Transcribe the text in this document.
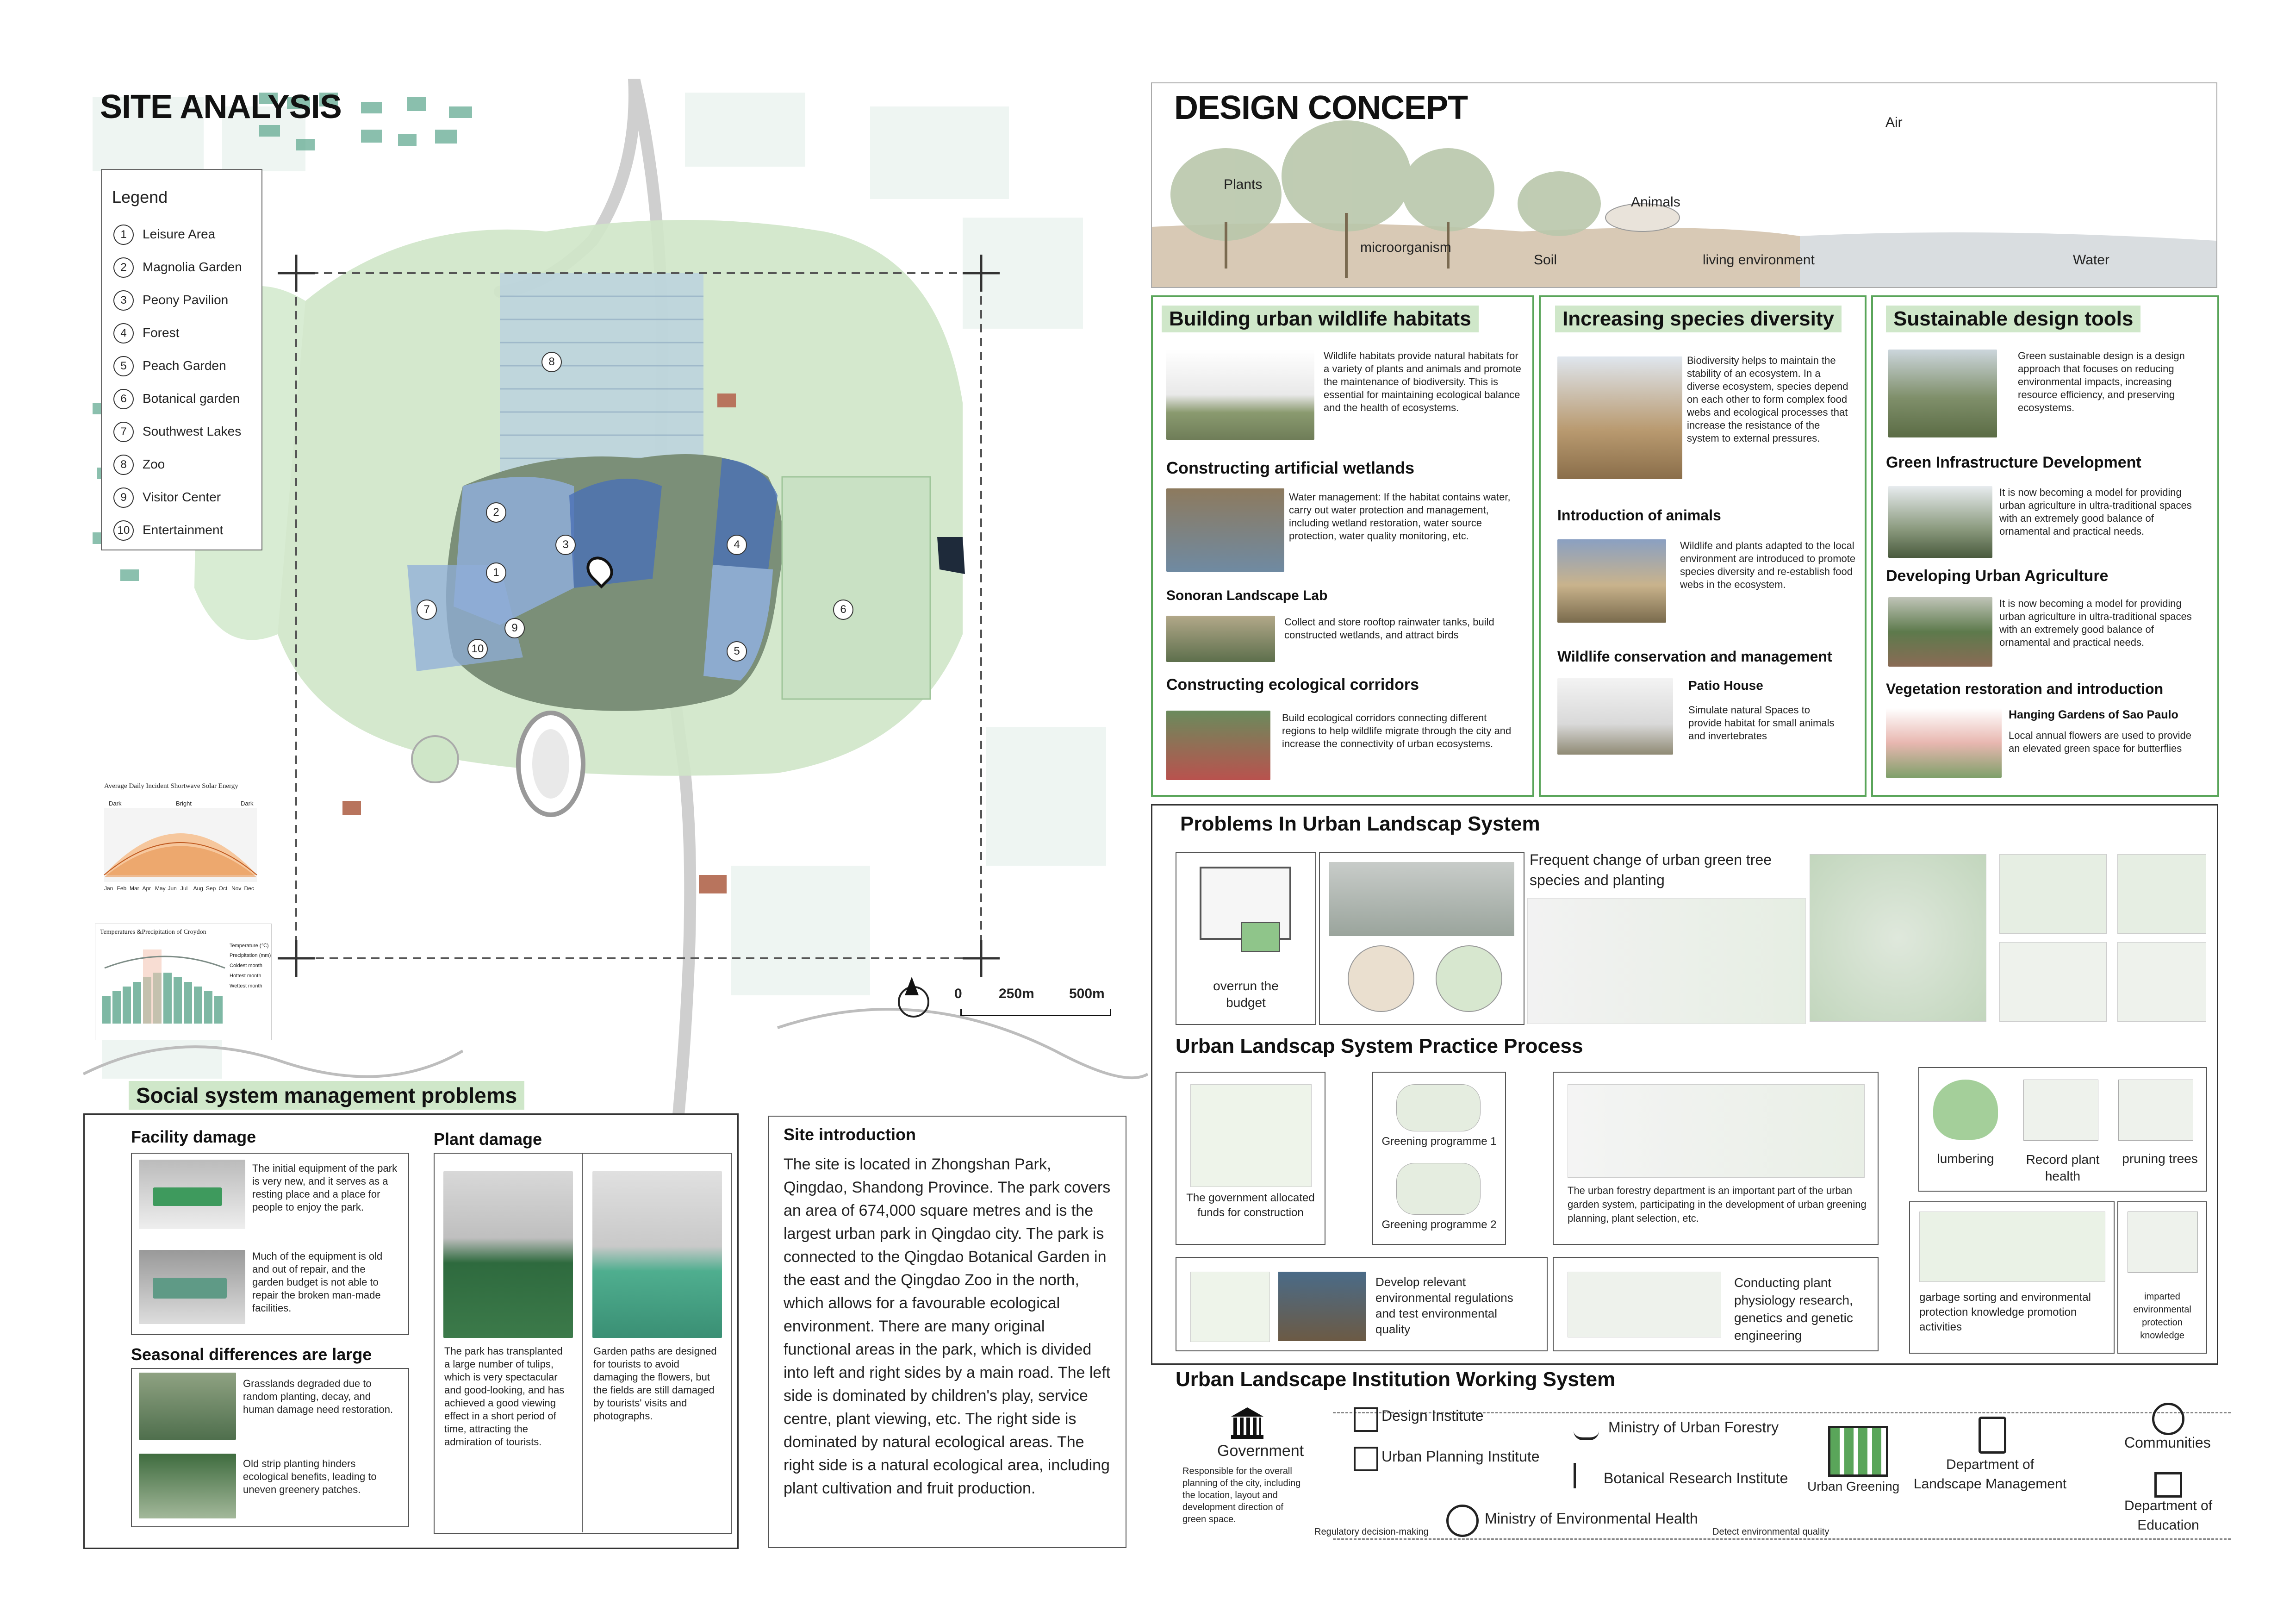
8
2
3	4
1
7
9
10	5
6
SITE ANALYSIS
Legend
1	Leisure Area
2	Magnolia Garden
3	Peony Pavilion
4	Forest
5	Peach Garden
6	Botanical garden
7	Southwest Lakes
8	Zoo
9	Visitor Center
10 Entertainment
0	250m	500m
Average Daily Incident Shortwave Solar Energy
Dark	Bright	Dark
Jan Feb Mar Apr May Jun Jul Aug Sep Oct Nov Dec
Temperatures &Precipitation of Croydon
Temperature (℃)
Precipitation (mm)
Coldest month
Hottest month
Wettest month
Social system management problems
Facility damage
The initial equipment of the park is very new, and it serves as a resting place and a place for people to enjoy the park.
Much of the equipment is old and out of repair, and the garden budget is not able to repair the broken man-made facilities.
Seasonal differences are large
Grasslands degraded due to random planting, decay, and human damage need restoration.
Old strip planting hinders ecological benefits, leading to uneven greenery patches.
Plant damage
The park has transplanted a large number of tulips, which is very spectacular and good-looking, and has achieved a good viewing effect in a short period of time, attracting the admiration of tourists.
Garden paths are designed for tourists to avoid damaging the flowers, but the fields are still damaged by tourists' visits and photographs.
Site introduction
The site is located in Zhongshan Park, Qingdao, Shandong Province. The park covers an area of 674,000 square metres and is the largest urban park in Qingdao city. The park is connected to the Qingdao Botanical Garden in the east and the Qingdao Zoo in the north, which allows for a favourable ecological environment. There are many original functional areas in the park, which is divided into left and right sides by a main road. The left side is dominated by children's play, service centre, plant viewing, etc. The right side is dominated by natural ecological areas. The right side is a natural ecological area, including plant cultivation and fruit production.
DESIGN CONCEPT	Air
Plants
Animals
microorganism
Soil	living environment	Water
Building urban wildlife habitats
Wildlife habitats provide natural habitats for a variety of plants and animals and promote the maintenance of biodiversity. This is essential for maintaining ecological balance and the health of ecosystems.
Constructing artificial wetlands
Water management: If the habitat contains water, carry out water protection and management, including wetland restoration, water source protection, water quality monitoring, etc.
Sonoran Landscape Lab
Collect and store rooftop rainwater tanks, build constructed wetlands, and attract birds
Constructing ecological corridors
Build ecological corridors connecting different regions to help wildlife migrate through the city and increase the connectivity of urban ecosystems.
Increasing species diversity
Biodiversity helps to maintain the stability of an ecosystem. In a diverse ecosystem, species depend on each other to form complex food webs and ecological processes that increase the resistance of the system to external pressures.
Introduction of animals
Wildlife and plants adapted to the local environment are introduced to promote species diversity and re-establish food webs in the ecosystem.
Wildlife conservation and management
Patio House
Simulate natural Spaces to provide habitat for small animals and invertebrates
Sustainable design tools
Green sustainable design is a design approach that focuses on reducing environmental impacts, increasing resource efficiency, and preserving ecosystems.
Green Infrastructure Development
It is now becoming a model for providing urban agriculture in ultra-traditional spaces with an extremely good balance of ornamental and practical needs.
Developing Urban Agriculture
It is now becoming a model for providing urban agriculture in ultra-traditional spaces with an extremely good balance of ornamental and practical needs.
Vegetation restoration and introduction
Hanging Gardens of Sao Paulo
Local annual flowers are used to provide an elevated green space for butterflies
Problems In Urban Landscap System
overrun the budget
Frequent change of urban green tree species and planting
Urban Landscap System Practice Process
The government allocated funds for construction
Greening programme 1
Greening programme 2
The urban forestry department is an important part of the urban garden system, participating in the development of urban greening planning, plant selection, etc.
lumbering	Record plant health
pruning trees
Develop relevant environmental regulations and test environmental quality
Conducting plant physiology research, genetics and genetic engineering
garbage sorting and environmental protection knowledge promotion activities
imparted environmental protection knowledge
Urban Landscape Institution Working System
Government
Responsible for the overall planning of the city, including the location, layout and development direction of green space.
Design Institute
Urban Planning Institute
Ministry of Urban Forestry
Botanical Research Institute Urban Greening
Department of Landscape Management
Communities
Department of Education
Ministry of Environmental Health
Regulatory decision-making	Detect environmental quality
